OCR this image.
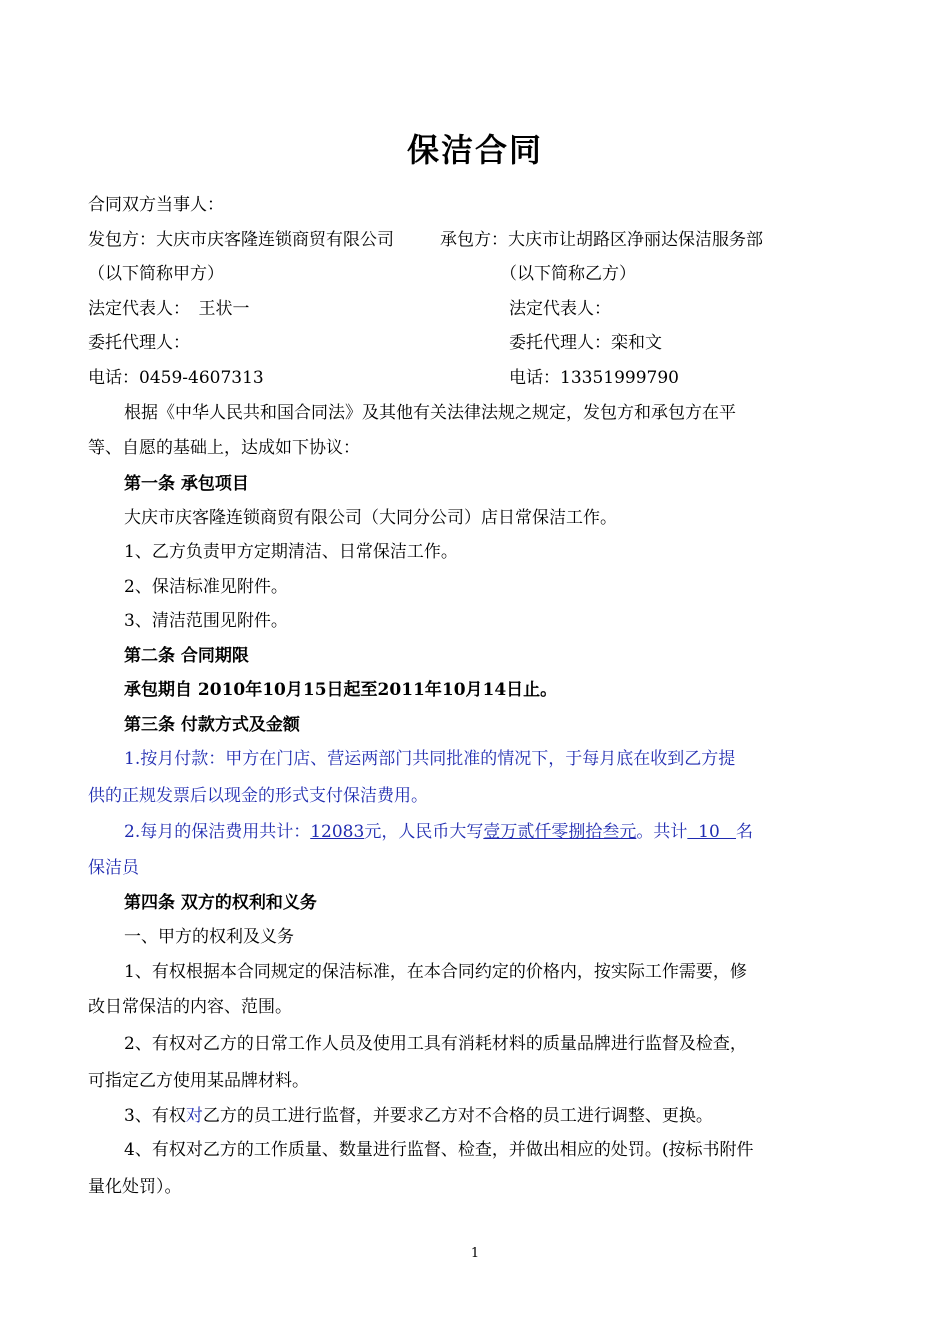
保洁合同
合同双方当事人：
发包方：大庆市庆客隆连锁商贸有限公司	承包方：大庆市让胡路区净丽达保洁服务部
（以下简称甲方）	（以下简称乙方）
法定代表人：　王状一	法定代表人：
委托代理人：	委托代理人：栾和文
电话：0459-4607313	电话：13351999790
根据《中华人民共和国合同法》及其他有关法律法规之规定，发包方和承包方在平
等、自愿的基础上，达成如下协议：
第一条 承包项目
大庆市庆客隆连锁商贸有限公司（大同分公司）店日常保洁工作。
1、乙方负责甲方定期清洁、日常保洁工作。
2、保洁标准见附件。
3、清洁范围见附件。
第二条 合同期限
承包期自 2010年10月15日起至2011年10月14日止。
第三条 付款方式及金额
1.按月付款：甲方在门店、营运两部门共同批准的情况下，于每月底在收到乙方提
供的正规发票后以现金的形式支付保洁费用。
2.每月的保洁费用共计：12083元，人民币大写壹万贰仟零捌拾叁元。共计  10   名
保洁员
第四条 双方的权利和义务
一、甲方的权利及义务
1、有权根据本合同规定的保洁标准，在本合同约定的价格内，按实际工作需要，修
改日常保洁的内容、范围。
2、有权对乙方的日常工作人员及使用工具有消耗材料的质量品牌进行监督及检查，
可指定乙方使用某品牌材料。
3、有权对乙方的员工进行监督，并要求乙方对不合格的员工进行调整、更换。
4、有权对乙方的工作质量、数量进行监督、检查，并做出相应的处罚。(按标书附件
量化处罚）。
1
